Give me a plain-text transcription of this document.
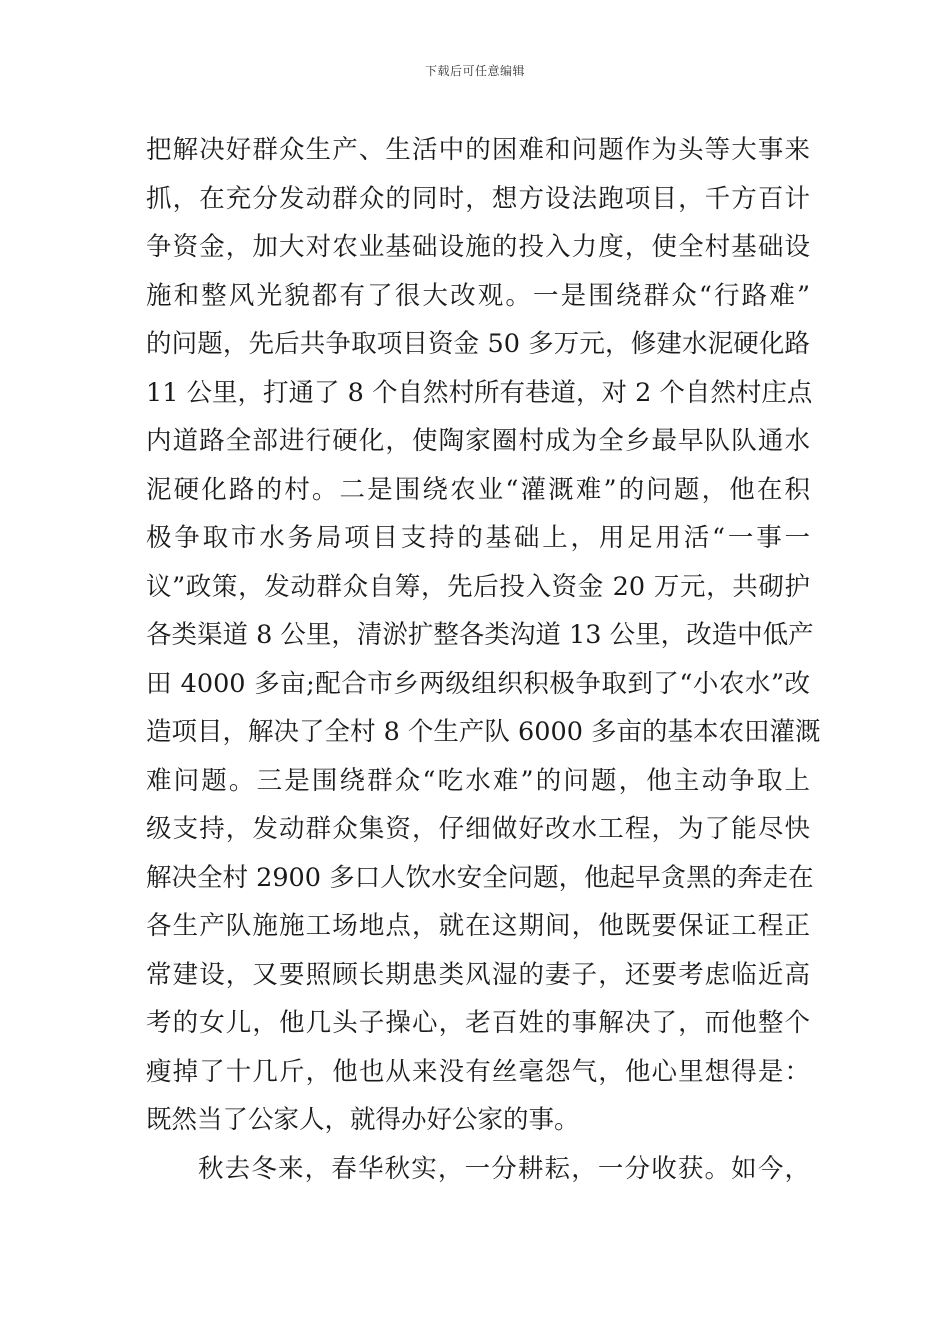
下载后可任意编辑
把解决好群众生产、生活中的困难和问题作为头等大事来
抓，在充分发动群众的同时，想方设法跑项目，千方百计
争资金，加大对农业基础设施的投入力度，使全村基础设
施和整风光貌都有了很大改观。一是围绕群众“行路难”
的问题，先后共争取项目资金 50 多万元，修建水泥硬化路
11 公里，打通了 8 个自然村所有巷道，对 2 个自然村庄点
内道路全部进行硬化，使陶家圈村成为全乡最早队队通水
泥硬化路的村。二是围绕农业“灌溉难”的问题，他在积
极争取市水务局项目支持的基础上，用足用活“一事一
议”政策，发动群众自筹，先后投入资金 20 万元，共砌护
各类渠道 8 公里，清淤扩整各类沟道 13 公里，改造中低产
田 4000 多亩;配合市乡两级组织积极争取到了“小农水”改
造项目，解决了全村 8 个生产队 6000 多亩的基本农田灌溉
难问题。三是围绕群众“吃水难”的问题，他主动争取上
级支持，发动群众集资，仔细做好改水工程，为了能尽快
解决全村 2900 多口人饮水安全问题，他起早贪黑的奔走在
各生产队施施工场地点，就在这期间，他既要保证工程正
常建设，又要照顾长期患类风湿的妻子，还要考虑临近高
考的女儿，他几头子操心，老百姓的事解决了，而他整个
瘦掉了十几斤，他也从来没有丝毫怨气，他心里想得是：
既然当了公家人，就得办好公家的事。
秋去冬来，春华秋实，一分耕耘，一分收获。如今，
